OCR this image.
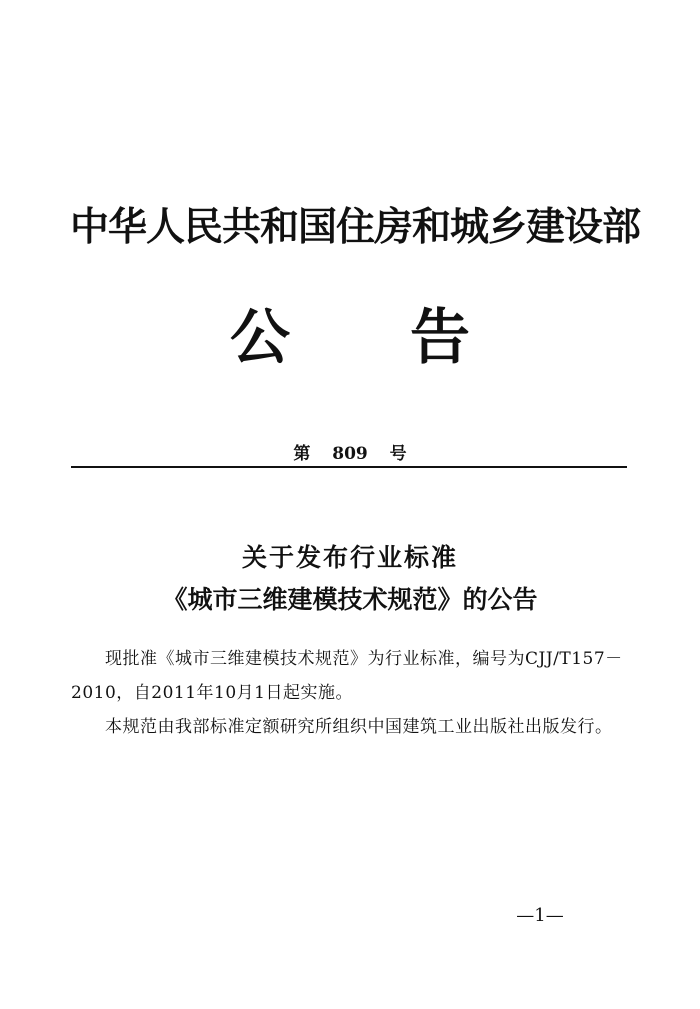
中华人民共和国住房和城乡建设部
公 告
第 809 号
关于发布行业标准
《城市三维建模技术规范》的公告
现批准《城市三维建模技术规范》为行业标准，编号为CJJ/T157－2010，自2011年10月1日起实施。
本规范由我部标准定额研究所组织中国建筑工业出版社出版发行。
—1—
